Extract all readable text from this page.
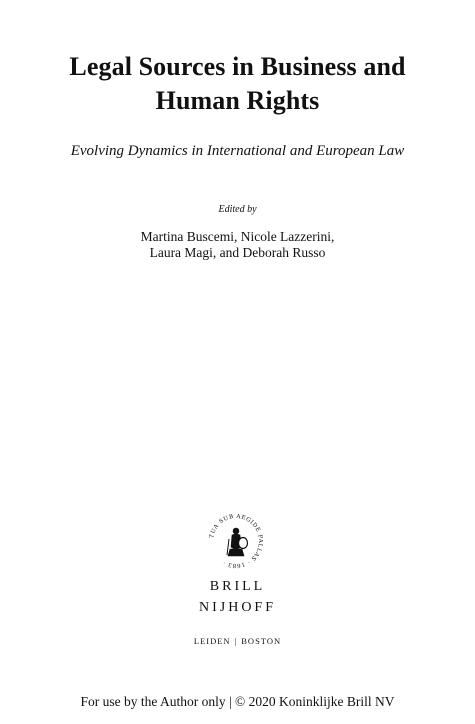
Legal Sources in Business and
Human Rights
Evolving Dynamics in International and European Law
Edited by
Martina Buscemi, Nicole Lazzerini,
Laura Magi, and Deborah Russo
TUA SUB AEGIDE PALLAS · 1683 ·
BRILL
NIJHOFF
LEIDEN | BOSTON
For use by the Author only | © 2020 Koninklijke Brill NV
